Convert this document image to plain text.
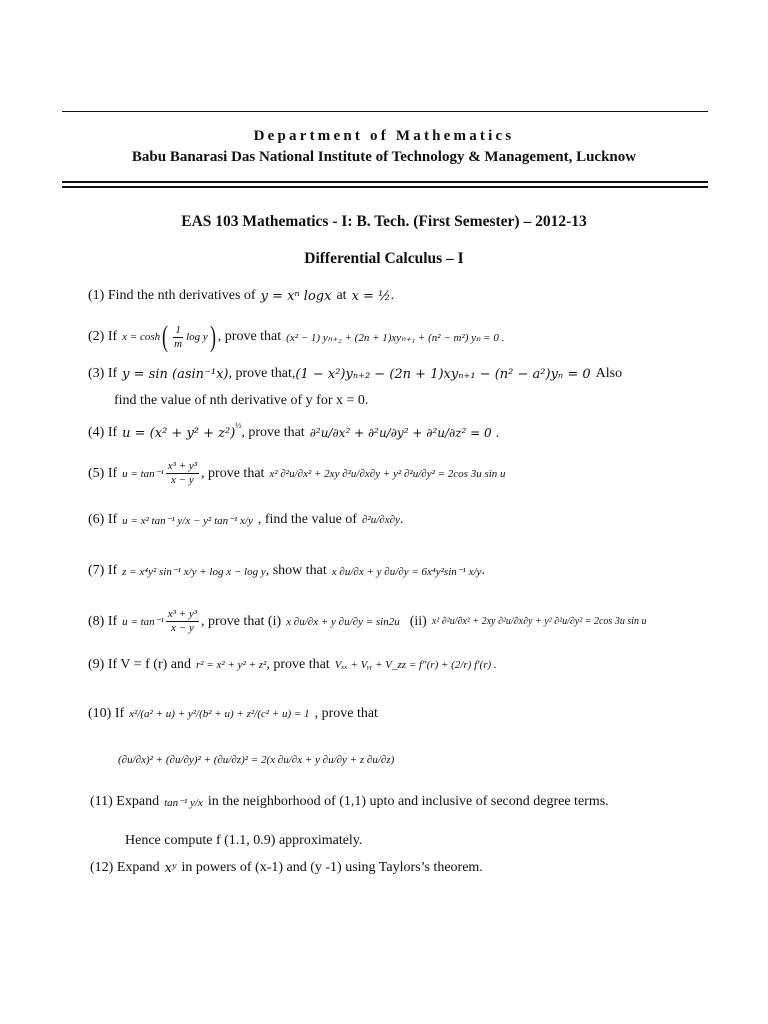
Department of Mathematics
Babu Banarasi Das National Institute of Technology & Management, Lucknow
EAS 103 Mathematics - I: B. Tech. (First Semester) – 2012-13
Differential Calculus – I
(1) Find the nth derivatives of y = xⁿ logx at x = ½ .
(2) If x = cosh ( $\frac{1}{m}$ log y ) , prove that (x² − 1) yₙ₊₂ + (2n + 1)xyₙ₊₁ + (n² − m²) yₙ = 0 .
(3) If y = sin (asin⁻¹x) , prove that, (1 − x²)yₙ₊₂ − (2n + 1)xyₙ₊₁ − (n² − a²)yₙ = 0 Also
find the value of nth derivative of y for x = 0.
(4) If u = (x² + y² + z²)
$^{\frac{1}{2}}$ , prove that ∂²u/∂x² + ∂²u/∂y² + ∂²u/∂z² = 0 .
(5) If $u = \tan^{-1} \frac{\text{x³ + y³}}{x - y}$ , prove that x² ∂²u/∂x² + 2xy ∂²u/∂x∂y + y² ∂²u/∂y² = 2cos 3u sin u
(6) If u = x² tan⁻¹ y/x − y² tan⁻¹ x/y , find the value of ∂²u/∂x∂y .
(7) If z = x⁴y² sin⁻¹ x/y + log x − log y , show that x ∂u/∂x + y ∂u/∂y = 6x⁴y²sin⁻¹ x/y .
(8) If $u = \tan^{-1} \frac{\text{x³ + y³}}{x - y}$ , prove that (i) x ∂u/∂x + y ∂u/∂y = sin2u (ii) x² ∂²u/∂x² + 2xy ∂²u/∂x∂y + y² ∂²u/∂y² = 2cos 3u sin u
(9) If V = f (r) and r² = x² + y² + z² , prove that Vₓₓ + Vᵧᵧ + V_zz = f″(r) + (2/r) f′(r) .
(10) If x²/(a² + u) + y²/(b² + u) + z²/(c² + u) = 1 , prove that
(∂u/∂x)² + (∂u/∂y)² + (∂u/∂z)² = 2(x ∂u/∂x + y ∂u/∂y + z ∂u/∂z)
(11) Expand tan⁻¹ y/x in the neighborhood of (1,1) upto and inclusive of second degree terms.
Hence compute f (1.1, 0.9) approximately.
(12) Expand xʸ in powers of (x-1) and (y -1) using Taylors’s theorem.
